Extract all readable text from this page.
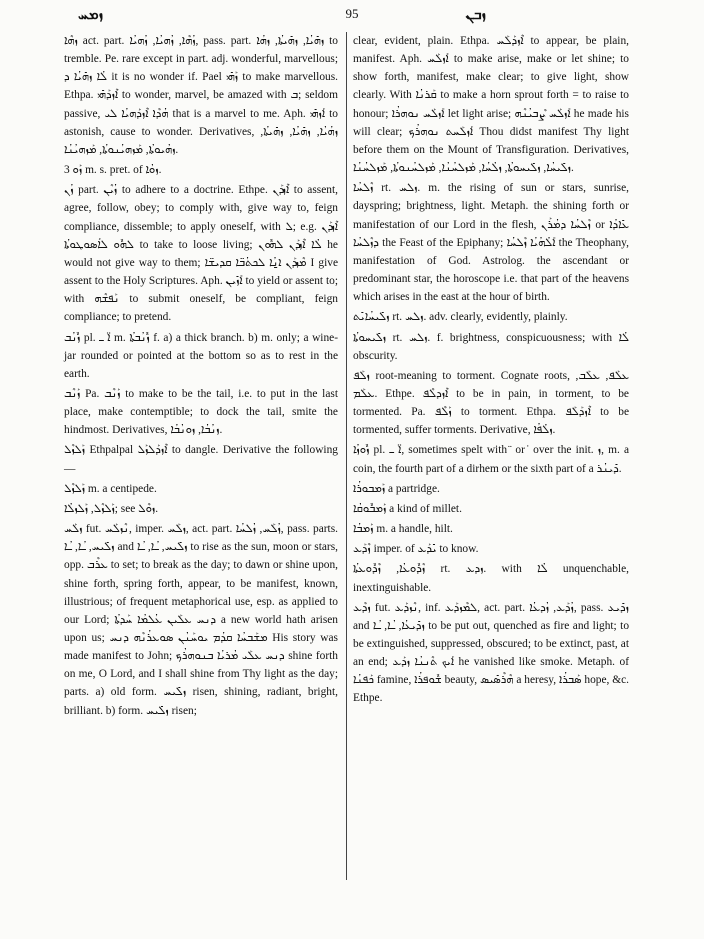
ܙܡܚ	95	ܙܒܢ

ܙܗܶܐ act. part. ܙܳܗܶܐ, ܙܳܗܝܳܐ, ܙܳܗܝܳܐ, pass. part. ܙܗܺܝܳܐ, ܙܗܺܝܬܳܐ, ܙܗܳܐ to tremble. Pe. rare except in part. adj. wonderful, marvellous; ܠܳܐ ܙܗܺܝܳܐ ܕ it is no wonder if. Pael ܙܰܗܺܝ to make marvellous. Ethpa. ܐܶܙܕܰܗܺܝ to wonder, marvel, be amazed with ܒ; seldom passive, ܗܳܕܶܐ ܐܶܙܕܰܗܝܳܐ ܠܝ that is a marvel to me. Aph. ܐܰܙܗܺܝ to astonish, cause to wonder. Derivatives, ܙܗܳܝܳܐ, ܙܗܺܝܳܐ, ܙܗܺܝܬܳܐ, ܙܗܳܝܘܬܳܐ, ܡܰܙܗܝܳܢܘܬܳܐ, ܡܰܙܗܝܳܢܳܐ.

ܙܰܘ 3 m. s. pret. of ܙܘܳܐ.

ܙܳܢ part. ܙܳܝܶܢ to adhere to a doctrine. Ethpe. ܐܶܙܕܰܢ to assent, agree, follow, obey; to comply with, give way to, feign compliance, dissemble; to apply oneself, with ܠ; e.g. ܐܶܙܕܰܢ ܠܗܽܘ ܠܐܰܣܘܛܘܬܳܐ to take to loose living; ܠܳܐ ܐܶܙܕܰܢ ܠܗܽܘܢ he would not give way to them; ܡܶܙܕܰܢ ܐ̱ܢܳܐ ܠܟܬܳܒ̈ܐ ܩܕܝܫ̈ܐ I give assent to the Holy Scriptures. Aph. ܐܰܙܺܝܢ to yield or assent to; with ܢܰܦܫܶܗ to submit oneself, be compliant, feign compliance; to pretend.

ܙܽܢܳܒ pl. ܐ̈ ـ m. ܙܽܢܳܒܬܳܐ f. a) a thick branch. b) m. only; a wine-jar rounded or pointed at the bottom so as to rest in the earth.

ܙܰܢܶܒ Pa. ܙܰܢܶܒ to make to be the tail, i.e. to put in the last place, make contemptible; to dock the tail, smite the hindmost. Derivatives, ܙܢܳܒܳܐ, ܙܘܢܳܒܳܐ.

ܙܰܠܙܶܠ Ethpalpal ܐܶܙܕܰܠܙܰܠ to dangle. Derivative the following—

ܙܰܠܙܶܠ m. a centipede.

ܙܰܠܙܶܠ, ܙܰܠܙܠܳܐ; see ܙܘܶܠ.

ܙܠܰܚ fut. ܢܶܙܠܰܚ, imper. ܙܠܰܚ, act. part. ܙܳܠܰܚ, ܙܳܠܚܳܐ, pass. parts. ܙܠܺܝܚ, ـܳܐ, ـܳܐ and ܙܠܺܝܚ, ـܳܐ, ـܳܐ to rise as the sun, moon or stars, opp. ܥܪܶܒ to set; to break as the day; to dawn or shine upon, shine forth, spring forth, appear, to be manifest, known, illustrious; of frequent metaphorical use, esp. as applied to our Lord; ܕܢܚ ܥܠܰܝܢ ܥܳܠܡܳܐ ܚܰܕܬܳܐ a new world hath arisen upon us; ܡܫܰܒܚܳܐ ܩܕܳܡ ܝܘܚܰܢܳܢ ܣܘܥܪܳܢܶܗ ܕܢܚ His story was made manifest to John; ܕܢܚ ܥܠܰܝ ܡܳܪܝܳܐ ܒܢܘܗܪܳܟ shine forth on me, O Lord, and I shall shine from Thy light as the day; parts. a) old form. ܙܠܺܝܚ risen, shining, radiant, bright, brilliant. b) form. ܙܠܺܝܚ risen;

clear, evident, plain. Ethpa. ܐܶܙܕܰܠܰܚ to appear, be plain, manifest. Aph. ܐܰܙܠܰܚ to make arise, make or let shine; to show forth, manifest, make clear; to give light, show clearly. With ܩܰܪܢܳܐ to make a horn sprout forth = to raise to honour; ܐܰܙܠܰܚ ܢܘܗܪܳܐ let light arise; ܐܰܙܠܰܚ ܨܶܒܝܳܢܶܗ he made his will clear; ܐܰܙܠܰܚܬ ܢܘܗܪܳܟ Thou didst manifest Thy light before them on the Mount of Transfiguration. Derivatives, ܙܠܺܝܚܳܐ, ܙܠܺܝܚܘܬܳܐ, ܙܠܳܚܳܐ, ܡܰܙܠܚܳܢܳܐ, ܡܰܙܠܚܳܢܘܬܳܐ, ܡܰܙܠܚܳܢܳܐ.

ܙܶܠܚܳܐ rt. ܙܠܚ. m. the rising of sun or stars, sunrise, dayspring; brightness, light. Metaph. the shining forth or manifestation of our Lord in the flesh, ܙܶܠܚܳܐ ܕܡܳܪܰܢ or ܥܺܐܕܳܐ ܕܙܶܠܚܳܐ the Feast of the Epiphany; ܐܰܠܳܗܳܝܳܐ ܙܶܠܚܳܐ the Theophany, manifestation of God. Astrolog. the ascendant or predominant star, the horoscope i.e. that part of the heavens which arises in the east at the hour of birth.

ܙܠܺܝܚܳܐܝܺܬ rt. ܙܠܚ. adv. clearly, evidently, plainly.

ܙܠܺܝܚܘܬܳܐ rt. ܙܠܚ. f. brightness, conspicuousness; with ܠܳܐ obscurity.

ܙܠܰܦ root-meaning to torment. Cognate roots, ܥܠܰܦ, ܥܠܰܒ, ܥܠܰܡ. Ethpe. ܐܶܙܕܠܶܦ to be in pain, in torment, to be tormented. Pa. ܙܰܠܶܦ to torment. Ethpa. ܐܶܙܕܰܠܰܦ to be tormented, suffer torments. Derivative, ܙܠܳܦܳܐ.

ܙܽܘܙܳܐ pl. ܐ̈ ـ, sometimes spelt with ̈ or ̇ over the init. ܙ, m. a coin, the fourth part of a dirhem or the sixth part of a ܕܺܝܢܳܪ.

ܙܰܡܒܘܪܳܐ a partridge.

ܙܰܡܒܽܘܩܳܐ a kind of millet.

ܙܰܡܒܳܐ m. a handle, hilt.

ܙܶܕܰܥ imper. of ܝܺܕܰܥ to know.

ܙܶܕܽܘܥܳܐ, ܙܶܕܽܘܥܬܳܐ rt. ܙܕܥ. with ܠܳܐ unquenchable, inextinguishable.

ܙܕܶܥ fut. ܢܶܙܕܰܥ, inf. ܠܡܶܙܕܰܥ, act. part. ܙܳܕܰܥ, ܙܳܕܥܳܐ, pass. ܙܕܺܝܥ and ܙܕܺܝܥܳܐ, ـܳܐ, ـܳܐ to be put out, quenched as fire and light; to be extinguished, suppressed, obscured; to be extinct, past, at an end; ܐܰܝܟ ܬܶܢܢܳܐ ܙܕܰܥ he vanished like smoke. Metaph. of ܟܰܦܢܳܐ famine, ܫܽܘܦܪܳܐ beauty, ܗܶܪܶܣܺܝܣ a heresy, ܣܰܒܪܳܐ hope, &c. Ethpe.
